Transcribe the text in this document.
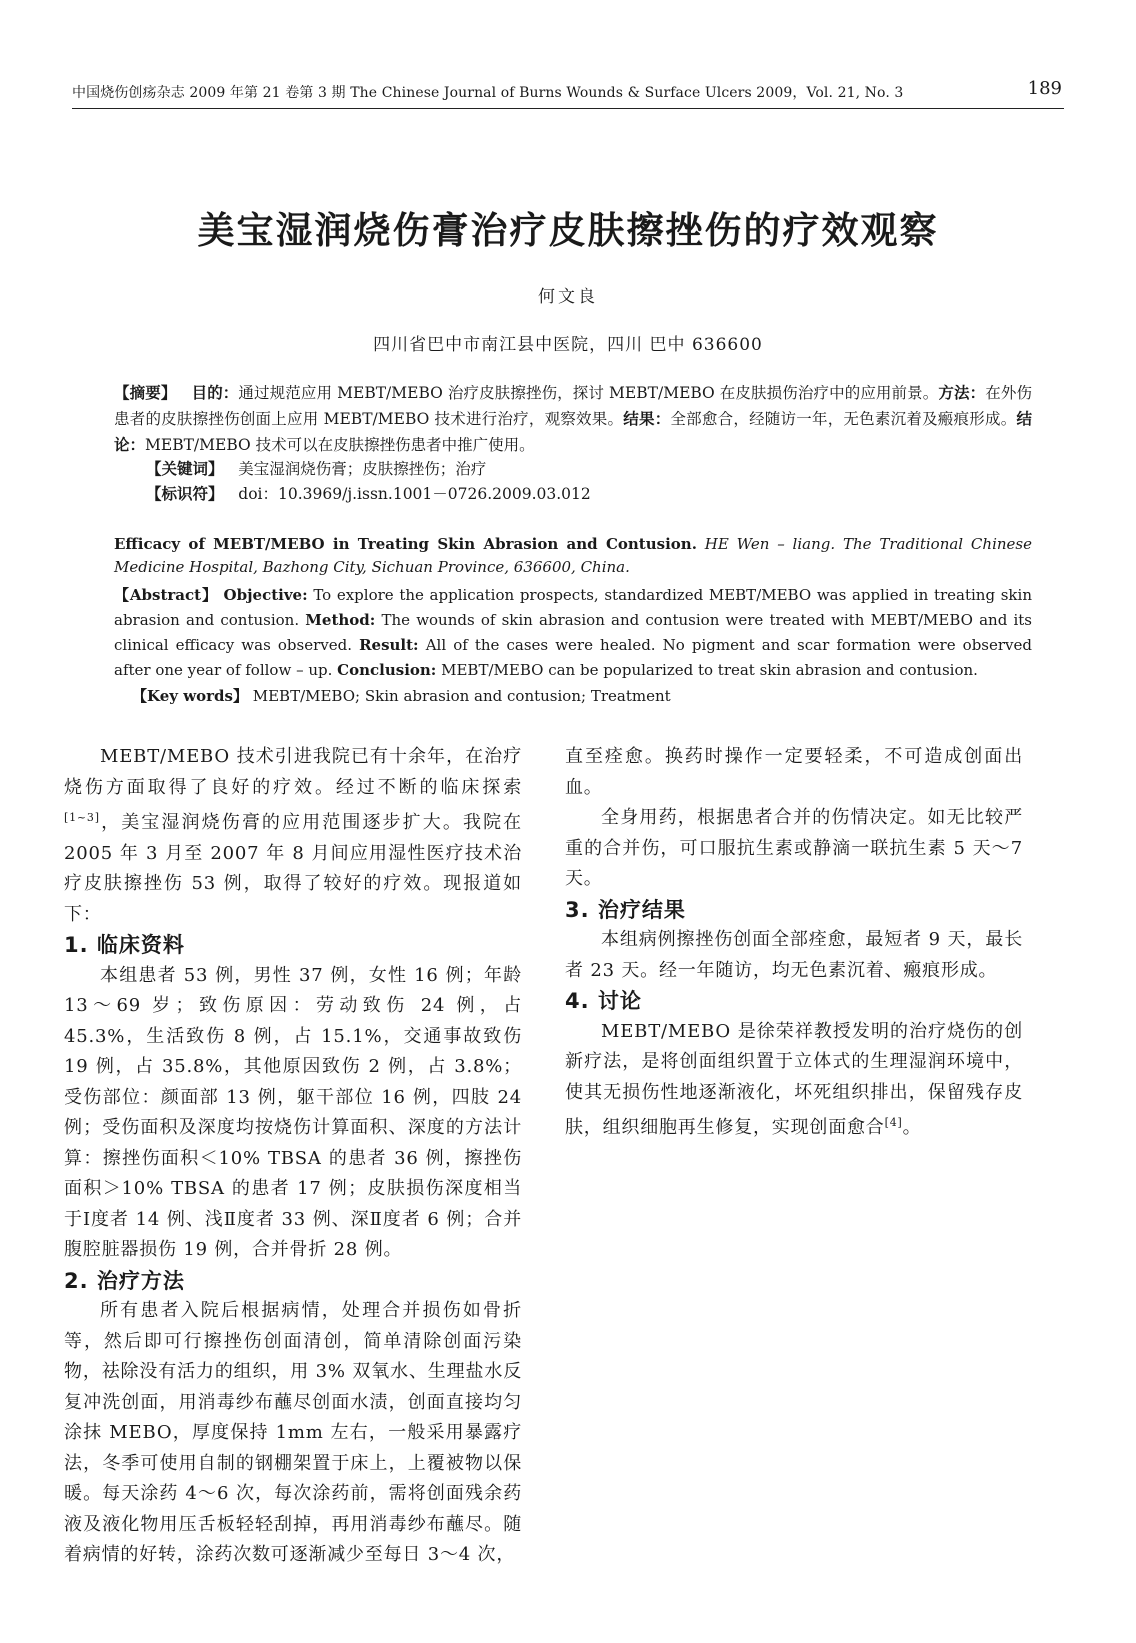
中国烧伤创疡杂志 2009 年第 21 卷第 3 期 The Chinese Journal of Burns Wounds & Surface Ulcers 2009，Vol. 21, No. 3	189
美宝湿润烧伤膏治疗皮肤擦挫伤的疗效观察
何文良
四川省巴中市南江县中医院，四川 巴中 636600
【摘要】 目的：通过规范应用 MEBT/MEBO 治疗皮肤擦挫伤，探讨 MEBT/MEBO 在皮肤损伤治疗中的应用前景。方法：在外伤患者的皮肤擦挫伤创面上应用 MEBT/MEBO 技术进行治疗，观察效果。结果：全部愈合，经随访一年，无色素沉着及瘢痕形成。结论：MEBT/MEBO 技术可以在皮肤擦挫伤患者中推广使用。
【关键词】 美宝湿润烧伤膏；皮肤擦挫伤；治疗
【标识符】 doi：10.3969/j.issn.1001－0726.2009.03.012
Efficacy of MEBT/MEBO in Treating Skin Abrasion and Contusion. HE Wen – liang. The Traditional Chinese Medicine Hospital, Bazhong City, Sichuan Province, 636600, China.
【Abstract】 Objective: To explore the application prospects, standardized MEBT/MEBO was applied in treating skin abrasion and contusion. Method: The wounds of skin abrasion and contusion were treated with MEBT/MEBO and its clinical efficacy was observed. Result: All of the cases were healed. No pigment and scar formation were observed after one year of follow – up. Conclusion: MEBT/MEBO can be popularized to treat skin abrasion and contusion.
【Key words】 MEBT/MEBO; Skin abrasion and contusion; Treatment

MEBT/MEBO 技术引进我院已有十余年，在治疗烧伤方面取得了良好的疗效。经过不断的临床探索[1~3]，美宝湿润烧伤膏的应用范围逐步扩大。我院在 2005 年 3 月至 2007 年 8 月间应用湿性医疗技术治疗皮肤擦挫伤 53 例，取得了较好的疗效。现报道如下：

1. 临床资料

本组患者 53 例，男性 37 例，女性 16 例；年龄 13～69 岁；致伤原因：劳动致伤 24 例，占 45.3%，生活致伤 8 例，占 15.1%，交通事故致伤 19 例，占 35.8%，其他原因致伤 2 例，占 3.8%；受伤部位：颜面部 13 例，躯干部位 16 例，四肢 24 例；受伤面积及深度均按烧伤计算面积、深度的方法计算：擦挫伤面积＜10% TBSA 的患者 36 例，擦挫伤面积＞10% TBSA 的患者 17 例；皮肤损伤深度相当于Ⅰ度者 14 例、浅Ⅱ度者 33 例、深Ⅱ度者 6 例；合并腹腔脏器损伤 19 例，合并骨折 28 例。

2. 治疗方法

所有患者入院后根据病情，处理合并损伤如骨折等，然后即可行擦挫伤创面清创，简单清除创面污染物，祛除没有活力的组织，用 3% 双氧水、生理盐水反复冲洗创面，用消毒纱布蘸尽创面水渍，创面直接均匀涂抹 MEBO，厚度保持 1mm 左右，一般采用暴露疗法，冬季可使用自制的钢棚架置于床上，上覆被物以保暖。每天涂药 4～6 次，每次涂药前，需将创面残余药液及液化物用压舌板轻轻刮掉，再用消毒纱布蘸尽。随着病情的好转，涂药次数可逐渐减少至每日 3～4 次，

直至痊愈。换药时操作一定要轻柔，不可造成创面出血。

全身用药，根据患者合并的伤情决定。如无比较严重的合并伤，可口服抗生素或静滴一联抗生素 5 天～7 天。

3. 治疗结果

本组病例擦挫伤创面全部痊愈，最短者 9 天，最长者 23 天。经一年随访，均无色素沉着、瘢痕形成。

4. 讨论

MEBT/MEBO 是徐荣祥教授发明的治疗烧伤的创新疗法，是将创面组织置于立体式的生理湿润环境中，使其无损伤性地逐渐液化，坏死组织排出，保留残存皮肤，组织细胞再生修复，实现创面愈合[4]。
